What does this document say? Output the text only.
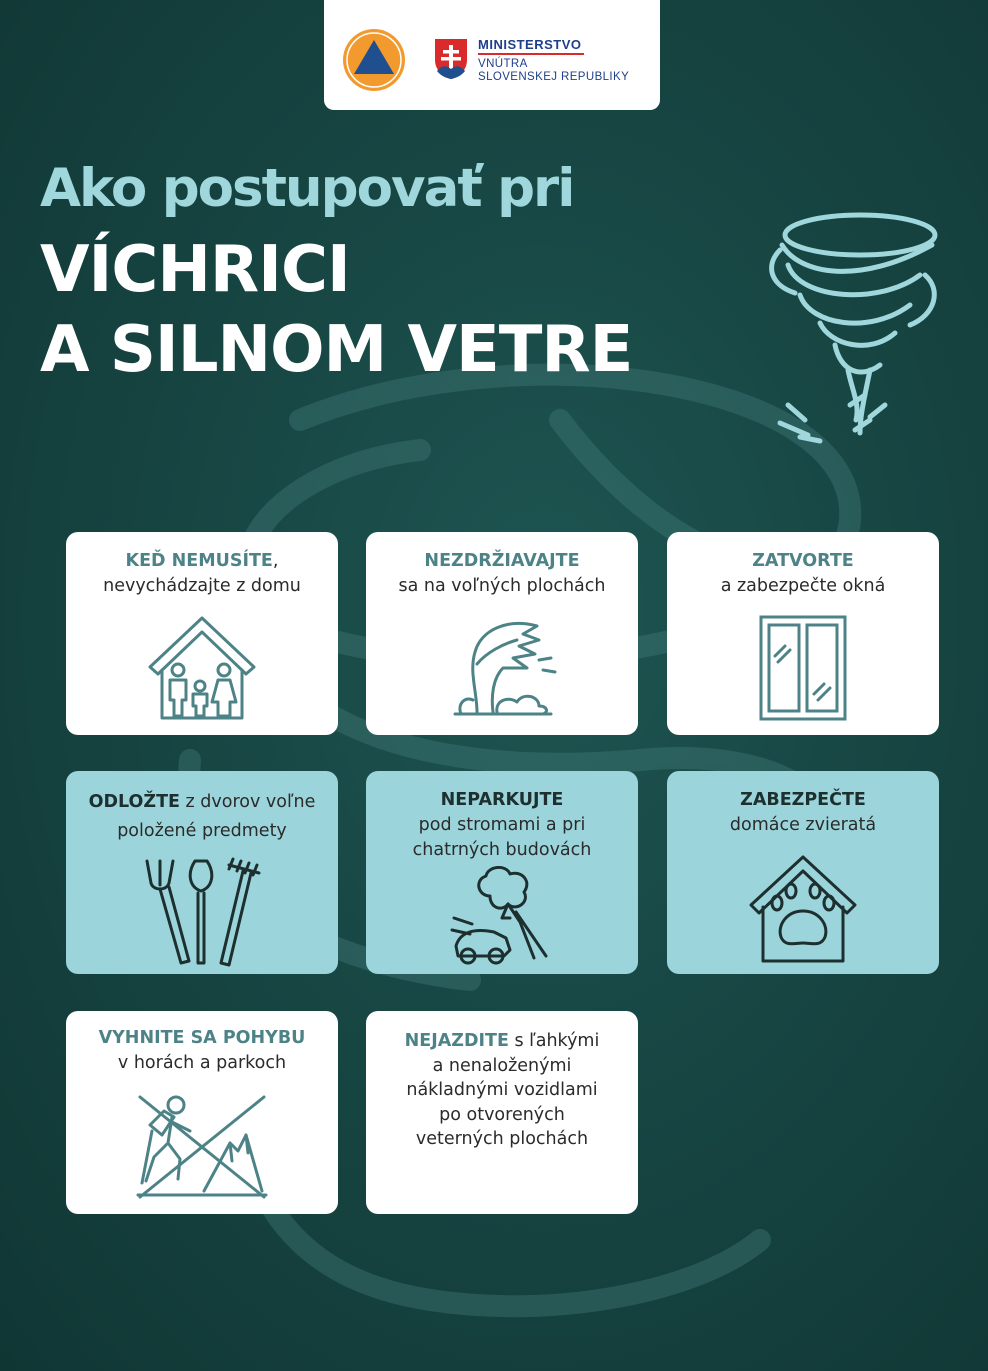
MINISTERSTVO
VNÚTRA
SLOVENSKEJ REPUBLIKY
Ako postupovať pri
VÍCHRICI
A SILNOM VETRE
KEĎ NEMUSÍTE,
nevychádzajte z domu
NEZDRŽIAVAJTE
sa na voľných plochách
ZATVORTE
a zabezpečte okná
ODLOŽTE z dvorov voľne
položené predmety
NEPARKUJTE
pod stromami a pri
chatrných budovách
ZABEZPEČTE
domáce zvieratá
VYHNITE SA POHYBU
v horách a parkoch
NEJAZDITE s ľahkými
a nenaloženými
nákladnými vozidlami
po otvorených
veterných plochách
